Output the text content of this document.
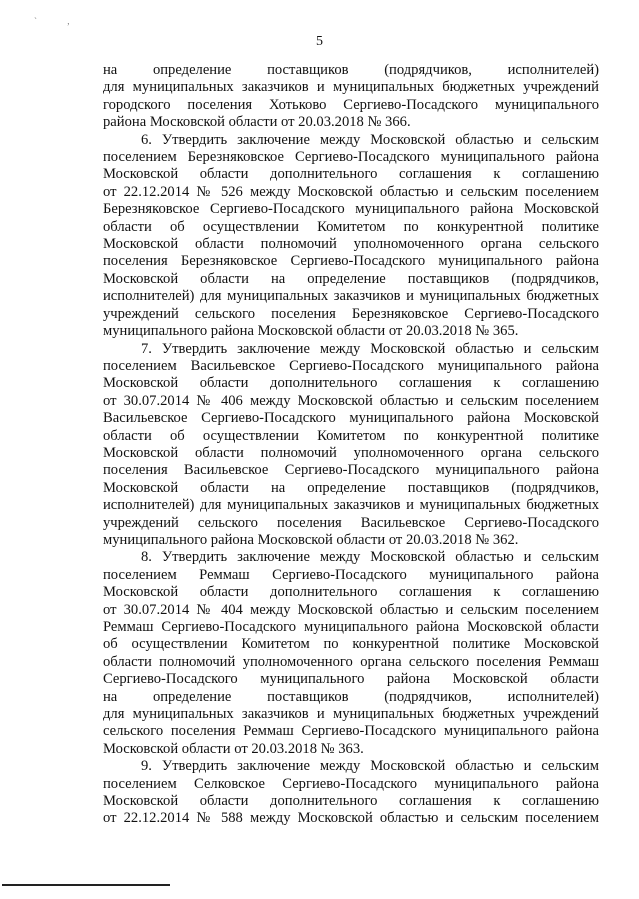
` ,
5
на определение поставщиков (подрядчиков, исполнителей)
для муниципальных заказчиков и муниципальных бюджетных учреждений
городского поселения Хотьково Сергиево-Посадского муниципального
района Московской области от 20.03.2018 № 366.
6. Утвердить заключение между Московской областью и сельским
поселением Березняковское Сергиево-Посадского муниципального района
Московской области дополнительного соглашения к соглашению
от 22.12.2014 № 526 между Московской областью и сельским поселением
Березняковское Сергиево-Посадского муниципального района Московской
области об осуществлении Комитетом по конкурентной политике
Московской области полномочий уполномоченного органа сельского
поселения Березняковское Сергиево-Посадского муниципального района
Московской области на определение поставщиков (подрядчиков,
исполнителей) для муниципальных заказчиков и муниципальных бюджетных
учреждений сельского поселения Березняковское Сергиево-Посадского
муниципального района Московской области от 20.03.2018 № 365.
7. Утвердить заключение между Московской областью и сельским
поселением Васильевское Сергиево-Посадского муниципального района
Московской области дополнительного соглашения к соглашению
от 30.07.2014 № 406 между Московской областью и сельским поселением
Васильевское Сергиево-Посадского муниципального района Московской
области об осуществлении Комитетом по конкурентной политике
Московской области полномочий уполномоченного органа сельского
поселения Васильевское Сергиево-Посадского муниципального района
Московской области на определение поставщиков (подрядчиков,
исполнителей) для муниципальных заказчиков и муниципальных бюджетных
учреждений сельского поселения Васильевское Сергиево-Посадского
муниципального района Московской области от 20.03.2018 № 362.
8. Утвердить заключение между Московской областью и сельским
поселением Реммаш Сергиево-Посадского муниципального района
Московской области дополнительного соглашения к соглашению
от 30.07.2014 № 404 между Московской областью и сельским поселением
Реммаш Сергиево-Посадского муниципального района Московской области
об осуществлении Комитетом по конкурентной политике Московской
области полномочий уполномоченного органа сельского поселения Реммаш
Сергиево-Посадского муниципального района Московской области
на определение поставщиков (подрядчиков, исполнителей)
для муниципальных заказчиков и муниципальных бюджетных учреждений
сельского поселения Реммаш Сергиево-Посадского муниципального района
Московской области от 20.03.2018 № 363.
9. Утвердить заключение между Московской областью и сельским
поселением Селковское Сергиево-Посадского муниципального района
Московской области дополнительного соглашения к соглашению
от 22.12.2014 № 588 между Московской областью и сельским поселением
